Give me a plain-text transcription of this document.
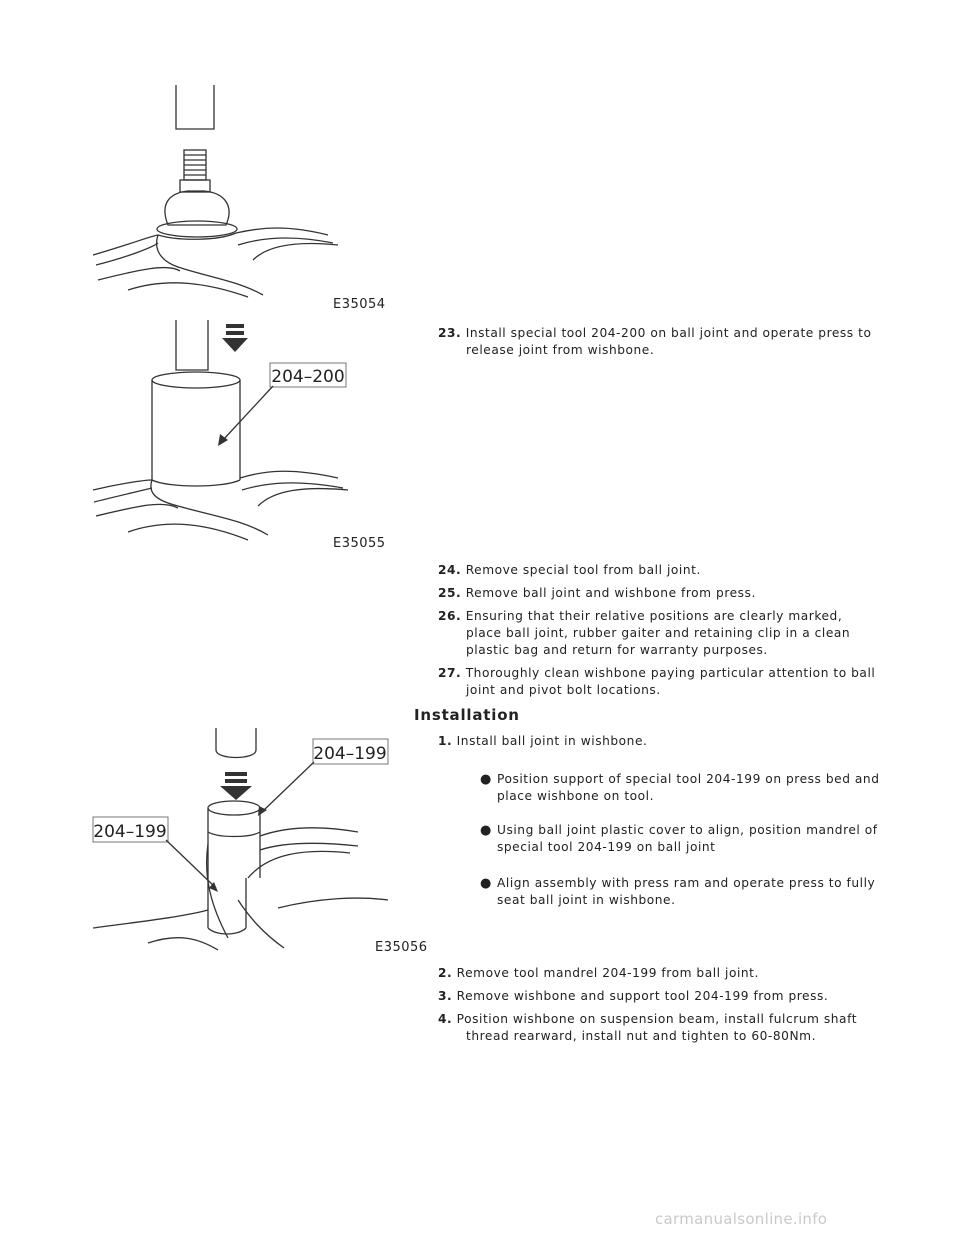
E35054
204–200
E35055
23. Install special tool 204-200 on ball joint and operate press to
release joint from wishbone.
24. Remove special tool from ball joint.
25. Remove ball joint and wishbone from press.
26. Ensuring that their relative positions are clearly marked,
place ball joint, rubber gaiter and retaining clip in a clean
plastic bag and return for warranty purposes.
27. Thoroughly clean wishbone paying particular attention to ball
joint and pivot bolt locations.
Installation
204–199
204–199
E35056
1. Install ball joint in wishbone.
● Position support of special tool 204-199 on press bed and
place wishbone on tool.
● Using ball joint plastic cover to align, position mandrel of
special tool 204-199 on ball joint
● Align assembly with press ram and operate press to fully
seat ball joint in wishbone.
2. Remove tool mandrel 204-199 from ball joint.
3. Remove wishbone and support tool 204-199 from press.
4. Position wishbone on suspension beam, install fulcrum shaft
thread rearward, install nut and tighten to 60-80Nm.
carmanualsonline.info
